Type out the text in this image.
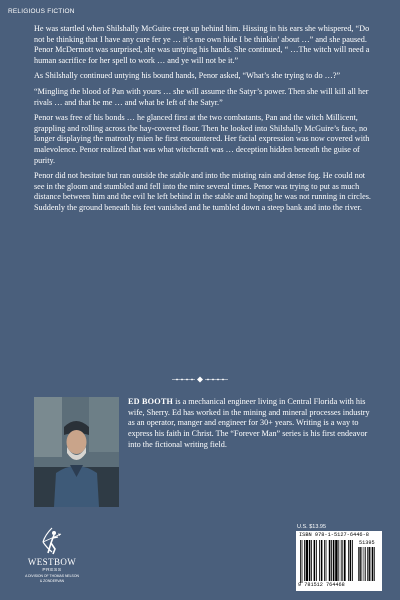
RELIGIOUS FICTION

He was startled when Shilshally McGuire crept up behind him. Hissing in his ears she whispered, “Do not be thinking that I have any care fer ye … it’s me own hide I be thinkin’ about …” and she paused. Penor McDermott was surprised, she was untying his hands. She continued, “ …The witch will need a human sacrifice for her spell to work … and ye will not be it.”

As Shilshally continued untying his bound hands, Penor asked, “What’s she trying to do …?”

“Mingling the blood of Pan with yours … she will assume the Satyr’s power. Then she will kill all her rivals … and that be me … and what be left of the Satyr.”

Penor was free of his bonds … he glanced first at the two combatants, Pan and the witch Millicent, grappling and rolling across the hay-covered floor. Then he looked into Shilshally McGuire’s face, no longer displaying the matronly mien he first encountered. Her facial expression was now covered with malevolence. Penor realized that was what witchcraft was … deception hidden beneath the guise of purity.

Penor did not hesitate but ran outside the stable and into the misting rain and dense fog. He could not see in the gloom and stumbled and fell into the mire several times. Penor was trying to put as much distance between him and the evil he left behind in the stable and hoping he was not running in circles. Suddenly the ground beneath his feet vanished and he tumbled down a steep bank and into the river.

ED BOOTH is a mechanical engineer living in Central Florida with his wife, Sherry. Ed has worked in the mining and mineral processes industry as an operator, manger and engineer for 30+ years. Writing is a way to express his faith in Christ. The “Forever Man” series is his first endeavor into the fictional writing field.
U.S. $13.95
ISBN 978-1-5127-6446-8
51395
9 781512 764468
WESTBOW
PRESS
A DIVISION OF THOMAS NELSON
& ZONDERVAN
